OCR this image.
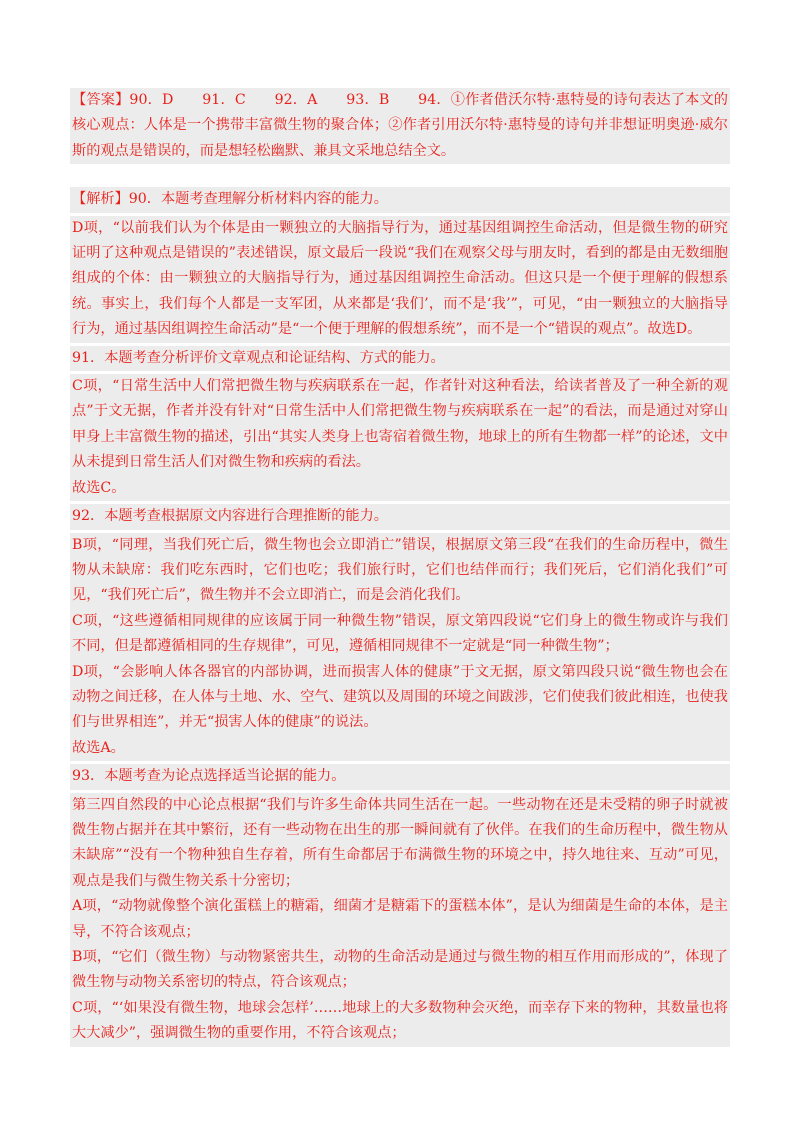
【答案】90．D　　91．C　　92．A　　93．B　　94．①作者借沃尔特·惠特曼的诗句表达了本文的核心观点：人体是一个携带丰富微生物的聚合体；②作者引用沃尔特·惠特曼的诗句并非想证明奥逊·威尔斯的观点是错误的，而是想轻松幽默、兼具文采地总结全文。

【解析】90．本题考查理解分析材料内容的能力。

D项，“以前我们认为个体是由一颗独立的大脑指导行为，通过基因组调控生命活动，但是微生物的研究证明了这种观点是错误的”表述错误，原文最后一段说“我们在观察父母与朋友时，看到的都是由无数细胞组成的个体：由一颗独立的大脑指导行为，通过基因组调控生命活动。但这只是一个便于理解的假想系统。事实上，我们每个人都是一支军团，从来都是‘我们’，而不是‘我’”，可见，“由一颗独立的大脑指导行为，通过基因组调控生命活动”是“一个便于理解的假想系统”，而不是一个“错误的观点”。故选D。

91．本题考查分析评价文章观点和论证结构、方式的能力。

C项，“日常生活中人们常把微生物与疾病联系在一起，作者针对这种看法，给读者普及了一种全新的观点”于文无据，作者并没有针对“日常生活中人们常把微生物与疾病联系在一起”的看法，而是通过对穿山甲身上丰富微生物的描述，引出“其实人类身上也寄宿着微生物，地球上的所有生物都一样”的论述，文中从未提到日常生活人们对微生物和疾病的看法。

故选C。

92．本题考查根据原文内容进行合理推断的能力。

B项，“同理，当我们死亡后，微生物也会立即消亡”错误，根据原文第三段“在我们的生命历程中，微生物从未缺席：我们吃东西时，它们也吃；我们旅行时，它们也结伴而行；我们死后，它们消化我们”可见，“我们死亡后”，微生物并不会立即消亡，而是会消化我们。

C项，“这些遵循相同规律的应该属于同一种微生物”错误，原文第四段说“它们身上的微生物或许与我们不同，但是都遵循相同的生存规律”，可见，遵循相同规律不一定就是“同一种微生物”；

D项，“会影响人体各器官的内部协调，进而损害人体的健康”于文无据，原文第四段只说“微生物也会在动物之间迁移，在人体与土地、水、空气、建筑以及周围的环境之间跋涉，它们使我们彼此相连，也使我们与世界相连”，并无“损害人体的健康”的说法。

故选A。

93．本题考查为论点选择适当论据的能力。

第三四自然段的中心论点根据“我们与许多生命体共同生活在一起。一些动物在还是未受精的卵子时就被微生物占据并在其中繁衍，还有一些动物在出生的那一瞬间就有了伙伴。在我们的生命历程中，微生物从未缺席”“没有一个物种独自生存着，所有生命都居于布满微生物的环境之中，持久地往来、互动”可见，观点是我们与微生物关系十分密切；

A项，“动物就像整个演化蛋糕上的糖霜，细菌才是糖霜下的蛋糕本体”，是认为细菌是生命的本体，是主导，不符合该观点；

B项，“它们（微生物）与动物紧密共生，动物的生命活动是通过与微生物的相互作用而形成的”，体现了微生物与动物关系密切的特点，符合该观点；

C项，“‘如果没有微生物，地球会怎样’……地球上的大多数物种会灭绝，而幸存下来的物种，其数量也将大大减少”，强调微生物的重要作用，不符合该观点；
